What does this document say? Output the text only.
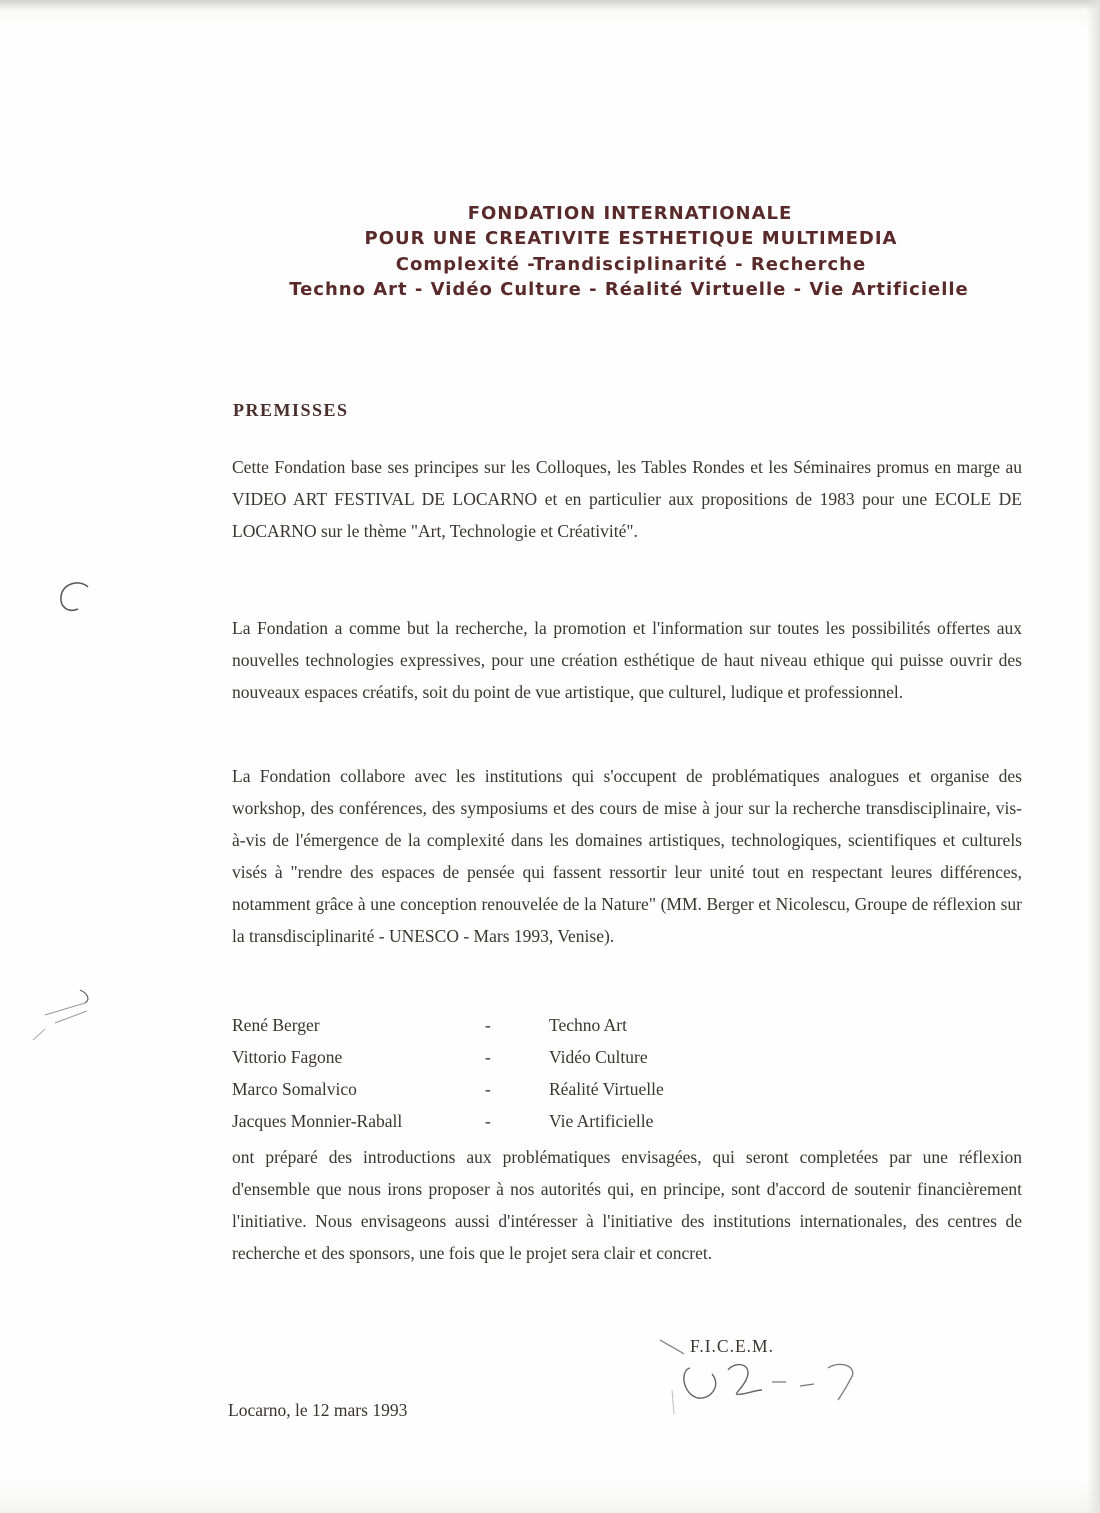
FONDATION INTERNATIONALE
POUR UNE CREATIVITE ESTHETIQUE MULTIMEDIA
Complexité -Trandisciplinarité - Recherche
Techno Art - Vidéo Culture - Réalité Virtuelle - Vie Artificielle
PREMISSES
Cette Fondation base ses principes sur les Colloques, les Tables Rondes et les Séminaires promus en marge au VIDEO ART FESTIVAL DE LOCARNO et en particulier aux propositions de 1983 pour une ECOLE DE LOCARNO sur le thème "Art, Technologie et Créativité".
La Fondation a comme but la recherche, la promotion et l'information sur toutes les possibilités offertes aux nouvelles technologies expressives, pour une création esthétique de haut niveau ethique qui puisse ouvrir des nouveaux espaces créatifs, soit du point de vue artistique, que culturel, ludique et professionnel.
La Fondation collabore avec les institutions qui s'occupent de problématiques analogues et organise des workshop, des conférences, des symposiums et des cours de mise à jour sur la recherche transdisciplinaire, vis-à-vis de l'émergence de la complexité dans les domaines artistiques, technologiques, scientifiques et culturels visés à "rendre des espaces de pensée qui fassent ressortir leur unité tout en respectant leures différences, notamment grâce à une conception renouvelée de la Nature" (MM. Berger et Nicolescu, Groupe de réflexion sur la transdisciplinarité - UNESCO - Mars 1993, Venise).
René Berger	-	Techno Art
Vittorio Fagone	-	Vidéo Culture
Marco Somalvico	-	Réalité Virtuelle
Jacques Monnier-Raball	-	Vie Artificielle
ont préparé des introductions aux problématiques envisagées, qui seront completées par une réflexion d'ensemble que nous irons proposer à nos autorités qui, en principe, sont d'accord de soutenir financièrement l'initiative. Nous envisageons aussi d'intéresser à l'initiative des institutions internationales, des centres de recherche et des sponsors, une fois que le projet sera clair et concret.
F.I.C.E.M.
Locarno, le 12 mars 1993
